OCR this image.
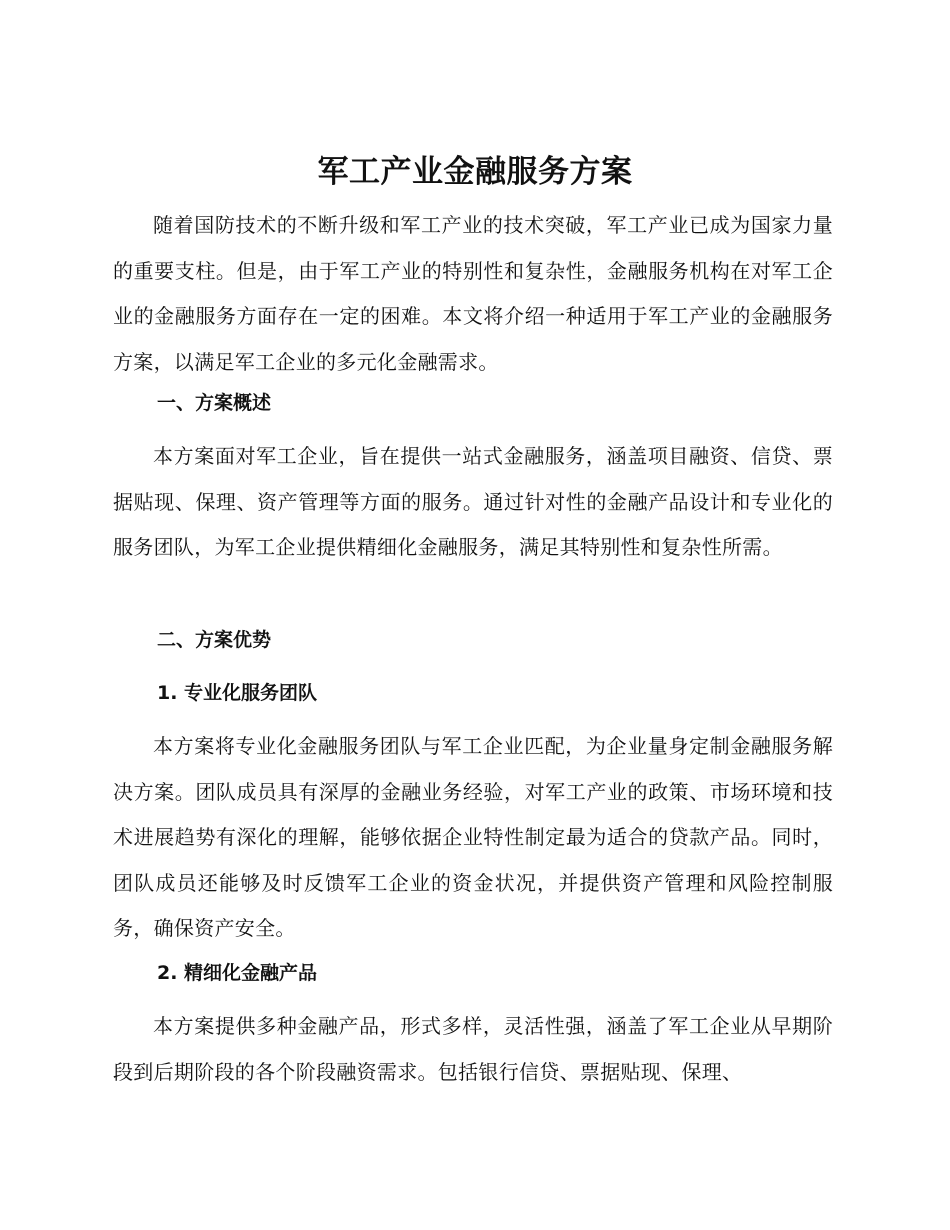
军工产业金融服务方案

随着国防技术的不断升级和军工产业的技术突破，军工产业已成为国家力量的重要支柱。但是，由于军工产业的特别性和复杂性，金融服务机构在对军工企业的金融服务方面存在一定的困难。本文将介绍一种适用于军工产业的金融服务方案，以满足军工企业的多元化金融需求。

一、方案概述

本方案面对军工企业，旨在提供一站式金融服务，涵盖项目融资、信贷、票据贴现、保理、资产管理等方面的服务。通过针对性的金融产品设计和专业化的服务团队，为军工企业提供精细化金融服务，满足其特别性和复杂性所需。

二、方案优势
1. 专业化服务团队

本方案将专业化金融服务团队与军工企业匹配，为企业量身定制金融服务解决方案。团队成员具有深厚的金融业务经验，对军工产业的政策、市场环境和技术进展趋势有深化的理解，能够依据企业特性制定最为适合的贷款产品。同时，团队成员还能够及时反馈军工企业的资金状况，并提供资产管理和风险控制服务，确保资产安全。

2. 精细化金融产品

本方案提供多种金融产品，形式多样，灵活性强，涵盖了军工企业从早期阶段到后期阶段的各个阶段融资需求。包括银行信贷、票据贴现、保理、
